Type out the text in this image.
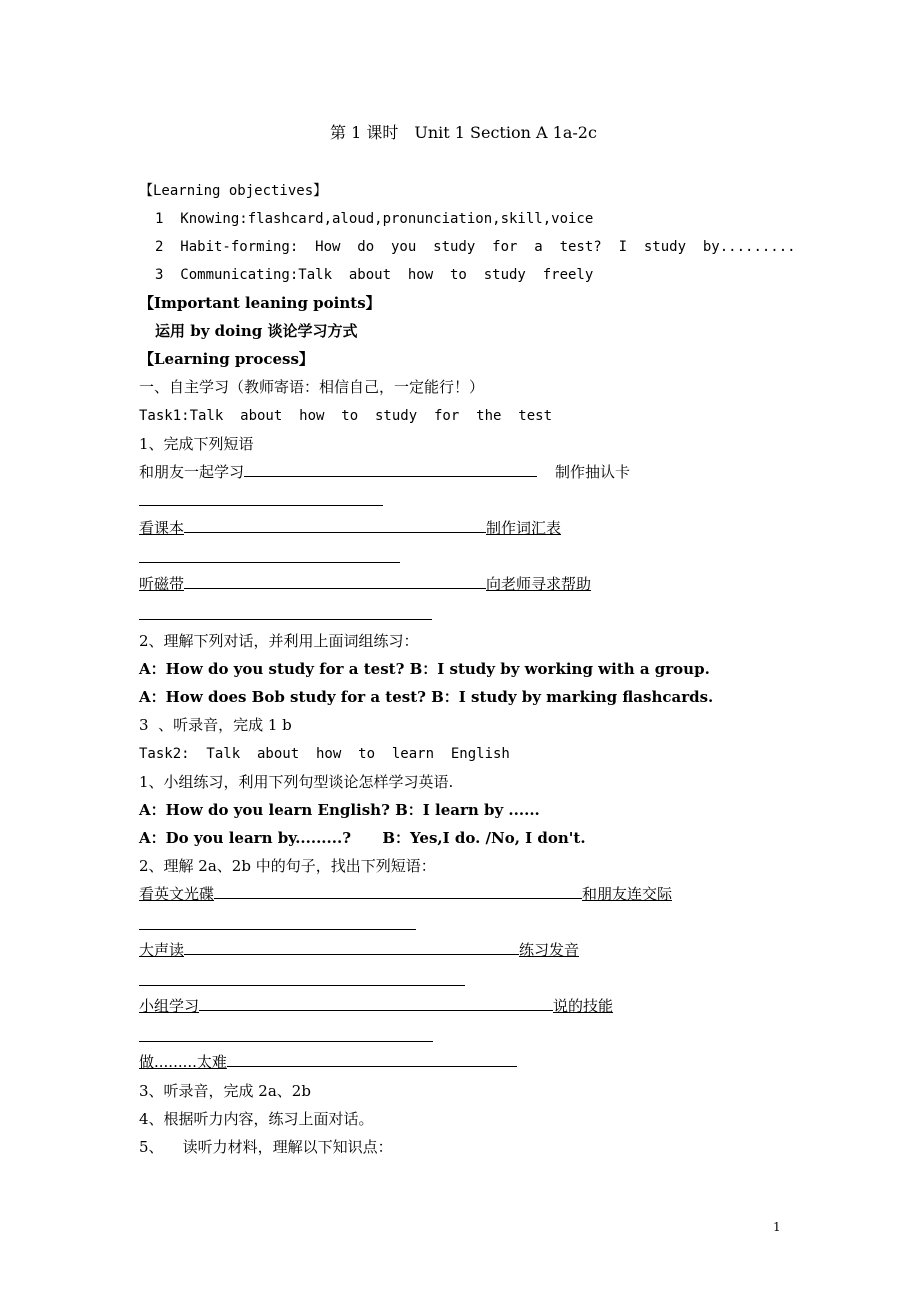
第 1 课时　Unit 1 Section A 1a-2c
【Learning objectives】
1  Knowing:flashcard,aloud,pronunciation,skill,voice
2  Habit-forming:  How  do  you  study  for  a  test?  I  study  by.........
3  Communicating:Talk  about  how  to  study  freely
【Important leaning points】
运用 by doing 谈论学习方式
【Learning process】
一、自主学习（教师寄语：相信自己，一定能行！）
Task1:Talk  about  how  to  study  for  the  test
1、完成下列短语
和朋友一起学习	制作抽认卡
看课本	制作词汇表
听磁带	向老师寻求帮助
2、理解下列对话，并利用上面词组练习：
A：How do you study for a test? B：I study by working with a group.
A：How does Bob study for a test? B：I study by marking flashcards.
3  、听录音，完成 1 b
Task2:  Talk  about  how  to  learn  English
1、小组练习，利用下列句型谈论怎样学习英语.
A：How do you learn English? B：I learn by ......
A：Do you learn by.........?      B：Yes,I do. /No, I don't.
2、理解 2a、2b 中的句子，找出下列短语：
看英文光碟	和朋友连交际
大声读	练习发音
小组学习	说的技能
做.........太难
3、听录音，完成 2a、2b
4、根据听力内容，练习上面对话。
5、    读听力材料，理解以下知识点：
1
